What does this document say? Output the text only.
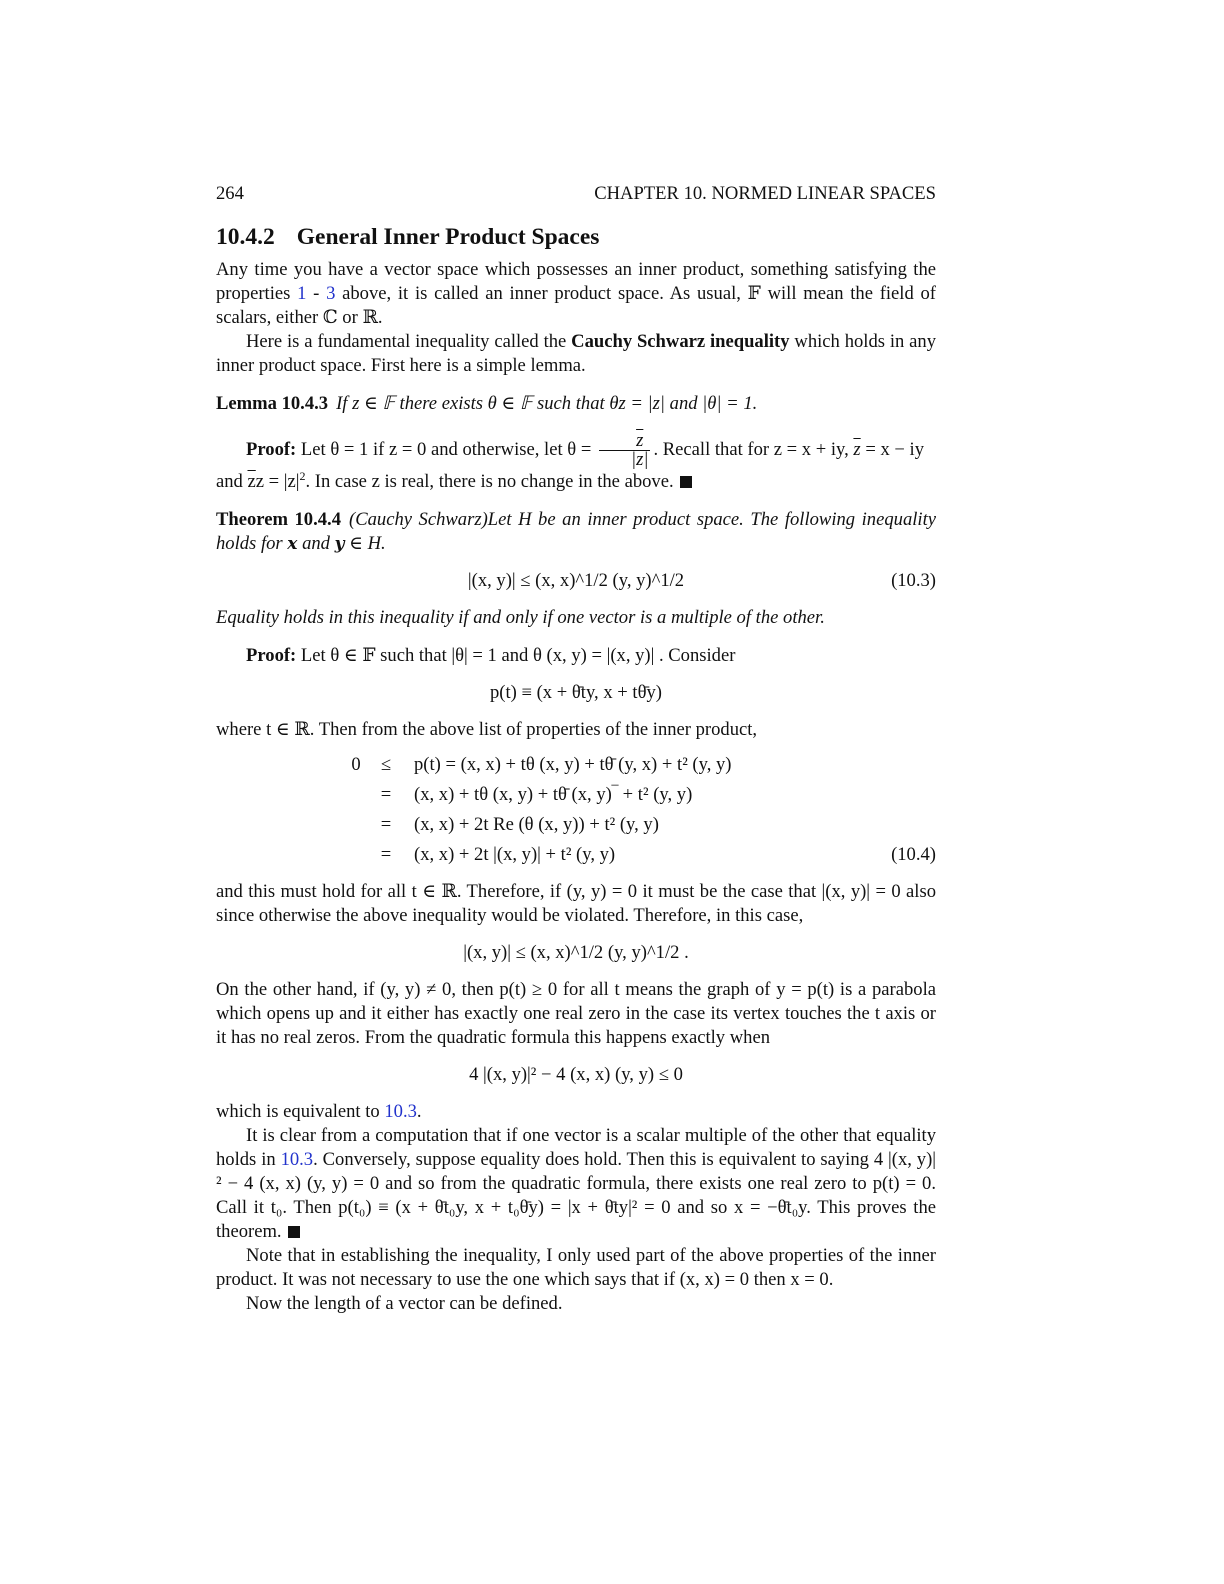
264	CHAPTER 10. NORMED LINEAR SPACES
10.4.2 General Inner Product Spaces

Any time you have a vector space which possesses an inner product, something satisfying the properties 1 - 3 above, it is called an inner product space. As usual, 𝔽 will mean the field of scalars, either ℂ or ℝ.

Here is a fundamental inequality called the Cauchy Schwarz inequality which holds in any inner product space. First here is a simple lemma.

Lemma 10.4.3 If z ∈ 𝔽 there exists θ ∈ 𝔽 such that θz = |z| and |θ| = 1.

Proof: Let θ = 1 if z = 0 and otherwise, let $\theta = \frac{\overline{z}}{|z|}$ . Recall that for z = x + iy, $\overline{z} = x$ − iy

and $\overline{z}z = |z|^2$. In case z is real, there is no change in the above.

Theorem 10.4.4 (Cauchy Schwarz)Let H be an inner product space. The following inequality holds for x and y ∈ H.

|(x, y)| ≤ (x, x)^1/2 (y, y)^1/2	(10.3)

Equality holds in this inequality if and only if one vector is a multiple of the other.

Proof: Let θ ∈ 𝔽 such that |θ| = 1 and θ (x, y) = |(x, y)| . Consider

p(t) ≡ (x + θ̄ty, x + tθ̄y)

where t ∈ ℝ. Then from the above list of properties of the inner product,

0 ≤ p(t) = (x, x) + tθ (x, y) + tθ̄ (y, x) + t² (y, y)
= (x, x) + tθ (x, y) + tθ̄ (x, y)‾ + t² (y, y)
= (x, x) + 2t Re (θ (x, y)) + t² (y, y)
= (x, x) + 2t |(x, y)| + t² (y, y)	(10.4)

and this must hold for all t ∈ ℝ. Therefore, if (y, y) = 0 it must be the case that |(x, y)| = 0 also since otherwise the above inequality would be violated. Therefore, in this case,

|(x, y)| ≤ (x, x)^1/2 (y, y)^1/2 .

On the other hand, if (y, y) ≠ 0, then p(t) ≥ 0 for all t means the graph of y = p(t) is a parabola which opens up and it either has exactly one real zero in the case its vertex touches the t axis or it has no real zeros. From the quadratic formula this happens exactly when

4 |(x, y)|² − 4 (x, x) (y, y) ≤ 0

which is equivalent to 10.3.

It is clear from a computation that if one vector is a scalar multiple of the other that equality holds in 10.3. Conversely, suppose equality does hold. Then this is equivalent to saying 4 |(x, y)|² − 4 (x, x) (y, y) = 0 and so from the quadratic formula, there exists one real zero to p(t) = 0. Call it t₀. Then p(t₀) ≡ (x + θ̄t₀y, x + t₀θ̄y) = |x + θ̄ty|² = 0 and so x = −θ̄t₀y. This proves the theorem.

Note that in establishing the inequality, I only used part of the above properties of the inner product. It was not necessary to use the one which says that if (x, x) = 0 then x = 0.

Now the length of a vector can be defined.
